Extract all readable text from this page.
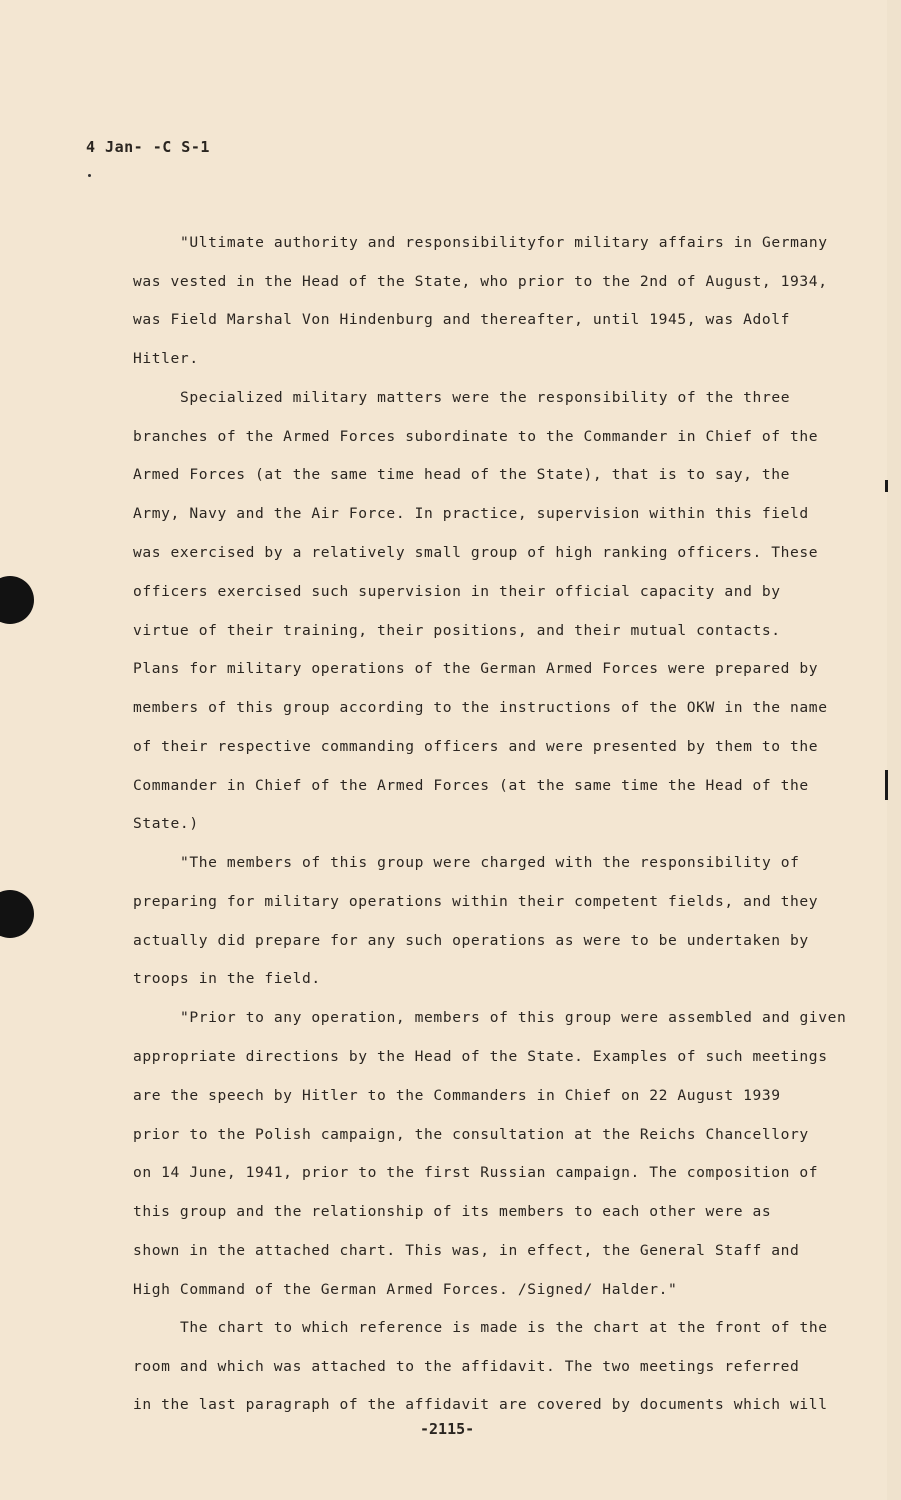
4 Jan- -C S-1
"Ultimate authority and responsibilityfor military affairs in Germany
was vested in the Head of the State, who prior to the 2nd of August, 1934,
was Field Marshal Von Hindenburg and thereafter, until 1945, was Adolf
Hitler.
Specialized military matters were the responsibility of the three
branches of the Armed Forces subordinate to the Commander in Chief of the
Armed Forces (at the same time head of the State), that is to say, the
Army, Navy and the Air Force. In practice, supervision within this field
was exercised by a relatively small group of high ranking officers. These
officers exercised such supervision in their official capacity and by
virtue of their training, their positions, and their mutual contacts.
Plans for military operations of the German Armed Forces were prepared by
members of this group according to the instructions of the OKW in the name
of their respective commanding officers and were presented by them to the
Commander in Chief of the Armed Forces (at the same time the Head of the
State.)
"The members of this group were charged with the responsibility of
preparing for military operations within their competent fields, and they
actually did prepare for any such operations as were to be undertaken by
troops in the field.
"Prior to any operation, members of this group were assembled and given
appropriate directions by the Head of the State. Examples of such meetings
are the speech by Hitler to the Commanders in Chief on 22 August 1939
prior to the Polish campaign, the consultation at the Reichs Chancellory
on 14 June, 1941, prior to the first Russian campaign. The composition of
this group and the relationship of its members to each other were as
shown in the attached chart. This was, in effect, the General Staff and
High Command of the German Armed Forces. /Signed/ Halder."
The chart to which reference is made is the chart at the front of the
room and which was attached to the affidavit. The two meetings referred
in the last paragraph of the affidavit are covered by documents which will
-2115-
